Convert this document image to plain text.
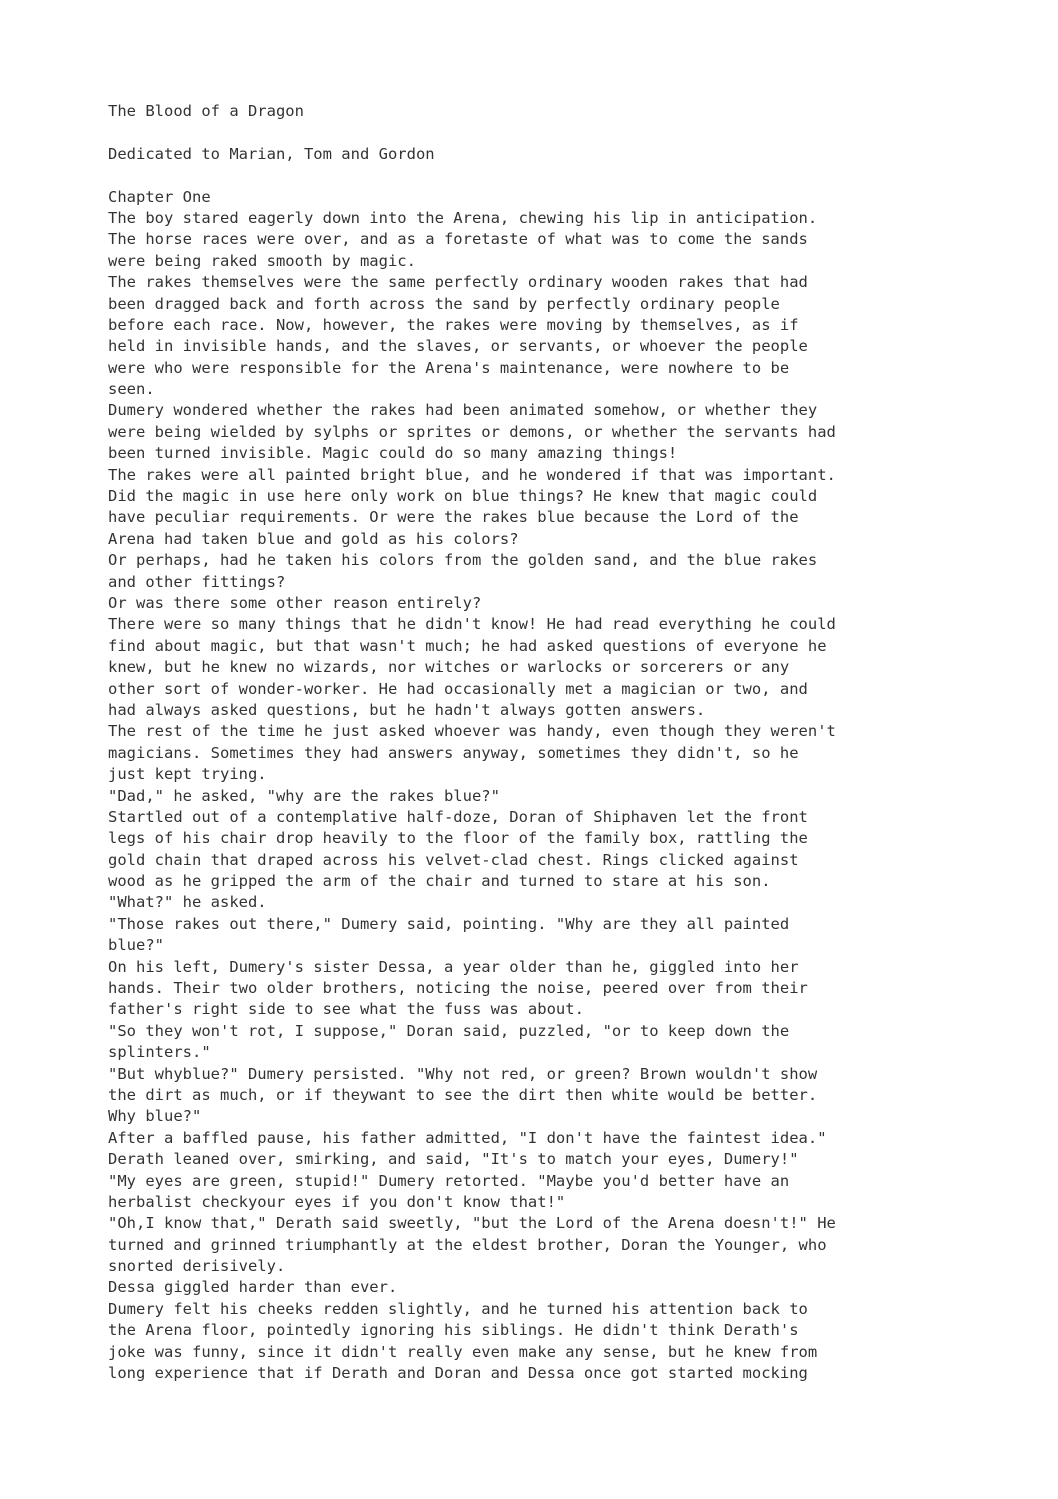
The Blood of a Dragon
Dedicated to Marian, Tom and Gordon
Chapter One
The boy stared eagerly down into the Arena, chewing his lip in anticipation.
The horse races were over, and as a foretaste of what was to come the sands
were being raked smooth by magic.
The rakes themselves were the same perfectly ordinary wooden rakes that had
been dragged back and forth across the sand by perfectly ordinary people
before each race. Now, however, the rakes were moving by themselves, as if
held in invisible hands, and the slaves, or servants, or whoever the people
were who were responsible for the Arena's maintenance, were nowhere to be
seen.
Dumery wondered whether the rakes had been animated somehow, or whether they
were being wielded by sylphs or sprites or demons, or whether the servants had
been turned invisible. Magic could do so many amazing things!
The rakes were all painted bright blue, and he wondered if that was important.
Did the magic in use here only work on blue things? He knew that magic could
have peculiar requirements. Or were the rakes blue because the Lord of the
Arena had taken blue and gold as his colors?
Or perhaps, had he taken his colors from the golden sand, and the blue rakes
and other fittings?
Or was there some other reason entirely?
There were so many things that he didn't know! He had read everything he could
find about magic, but that wasn't much; he had asked questions of everyone he
knew, but he knew no wizards, nor witches or warlocks or sorcerers or any
other sort of wonder-worker. He had occasionally met a magician or two, and
had always asked questions, but he hadn't always gotten answers.
The rest of the time he just asked whoever was handy, even though they weren't
magicians. Sometimes they had answers anyway, sometimes they didn't, so he
just kept trying.
"Dad," he asked, "why are the rakes blue?"
Startled out of a contemplative half-doze, Doran of Shiphaven let the front
legs of his chair drop heavily to the floor of the family box, rattling the
gold chain that draped across his velvet-clad chest. Rings clicked against
wood as he gripped the arm of the chair and turned to stare at his son.
"What?" he asked.
"Those rakes out there," Dumery said, pointing. "Why are they all painted
blue?"
On his left, Dumery's sister Dessa, a year older than he, giggled into her
hands. Their two older brothers, noticing the noise, peered over from their
father's right side to see what the fuss was about.
"So they won't rot, I suppose," Doran said, puzzled, "or to keep down the
splinters."
"But whyblue?" Dumery persisted. "Why not red, or green? Brown wouldn't show
the dirt as much, or if theywant to see the dirt then white would be better.
Why blue?"
After a baffled pause, his father admitted, "I don't have the faintest idea."
Derath leaned over, smirking, and said, "It's to match your eyes, Dumery!"
"My eyes are green, stupid!" Dumery retorted. "Maybe you'd better have an
herbalist checkyour eyes if you don't know that!"
"Oh,I know that," Derath said sweetly, "but the Lord of the Arena doesn't!" He
turned and grinned triumphantly at the eldest brother, Doran the Younger, who
snorted derisively.
Dessa giggled harder than ever.
Dumery felt his cheeks redden slightly, and he turned his attention back to
the Arena floor, pointedly ignoring his siblings. He didn't think Derath's
joke was funny, since it didn't really even make any sense, but he knew from
long experience that if Derath and Doran and Dessa once got started mocking
